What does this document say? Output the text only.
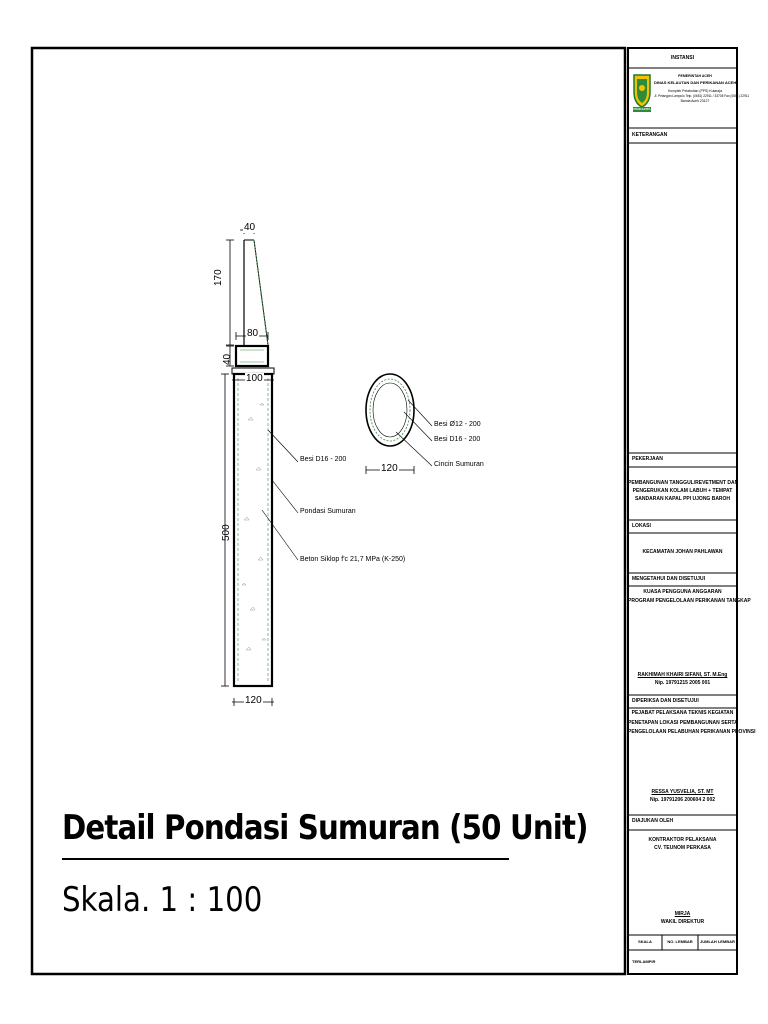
40
170
80
40
100
500
120
120
Besi D16 - 200
Pondasi Sumuran
Beton Siklop f'c 21,7 MPa (K-250)
Besi Ø12 - 200
Besi D16 - 200
Cincin Sumuran
Detail Pondasi Sumuran (50 Unit)
Skala. 1 : 100
INSTANSI
PEMERINTAH ACEH
DINAS KELAUTAN DAN PERIKANAN ACEH
Komplek Pelabuhan (PPS) Kutaraja
Jl. Pelangan Lampulo Telp. (0651) 22911 / 33708 Fax (0651) 22911
Banda Aceh 23127
PANCACITA
KETERANGAN
PEKERJAAN
PEMBANGUNAN TANGGUL/REVETMENT DAN
PENGERUKAN KOLAM LABUH + TEMPAT
SANDARAN KAPAL PPI UJONG BAROH
LOKASI
KECAMATAN JOHAN PAHLAWAN
MENGETAHUI DAN DISETUJUI
KUASA PENGGUNA ANGGARAN
PROGRAM PENGELOLAAN PERIKANAN TANGKAP
RAKHIMAH KHAIRI SIFANI, ST. M.Eng
Nip. 19791215 2005 001
DIPERIKSA DAN DISETUJUI
PEJABAT PELAKSANA TEKNIS KEGIATAN
PENETAPAN LOKASI PEMBANGUNAN SERTA
PENGELOLAAN PELABUHAN PERIKANAN PROVINSI
RESSA YUSVELIA, ST. MT
Nip. 19791206 200604 2 002
DIAJUKAN OLEH
KONTRAKTOR PELAKSANA
CV. TEUNOM PERKASA
MIRJA
WAKIL DIREKTUR
SKALA	NO. LEMBAR	JUMLAH LEMBAR
TERLAMPIR
